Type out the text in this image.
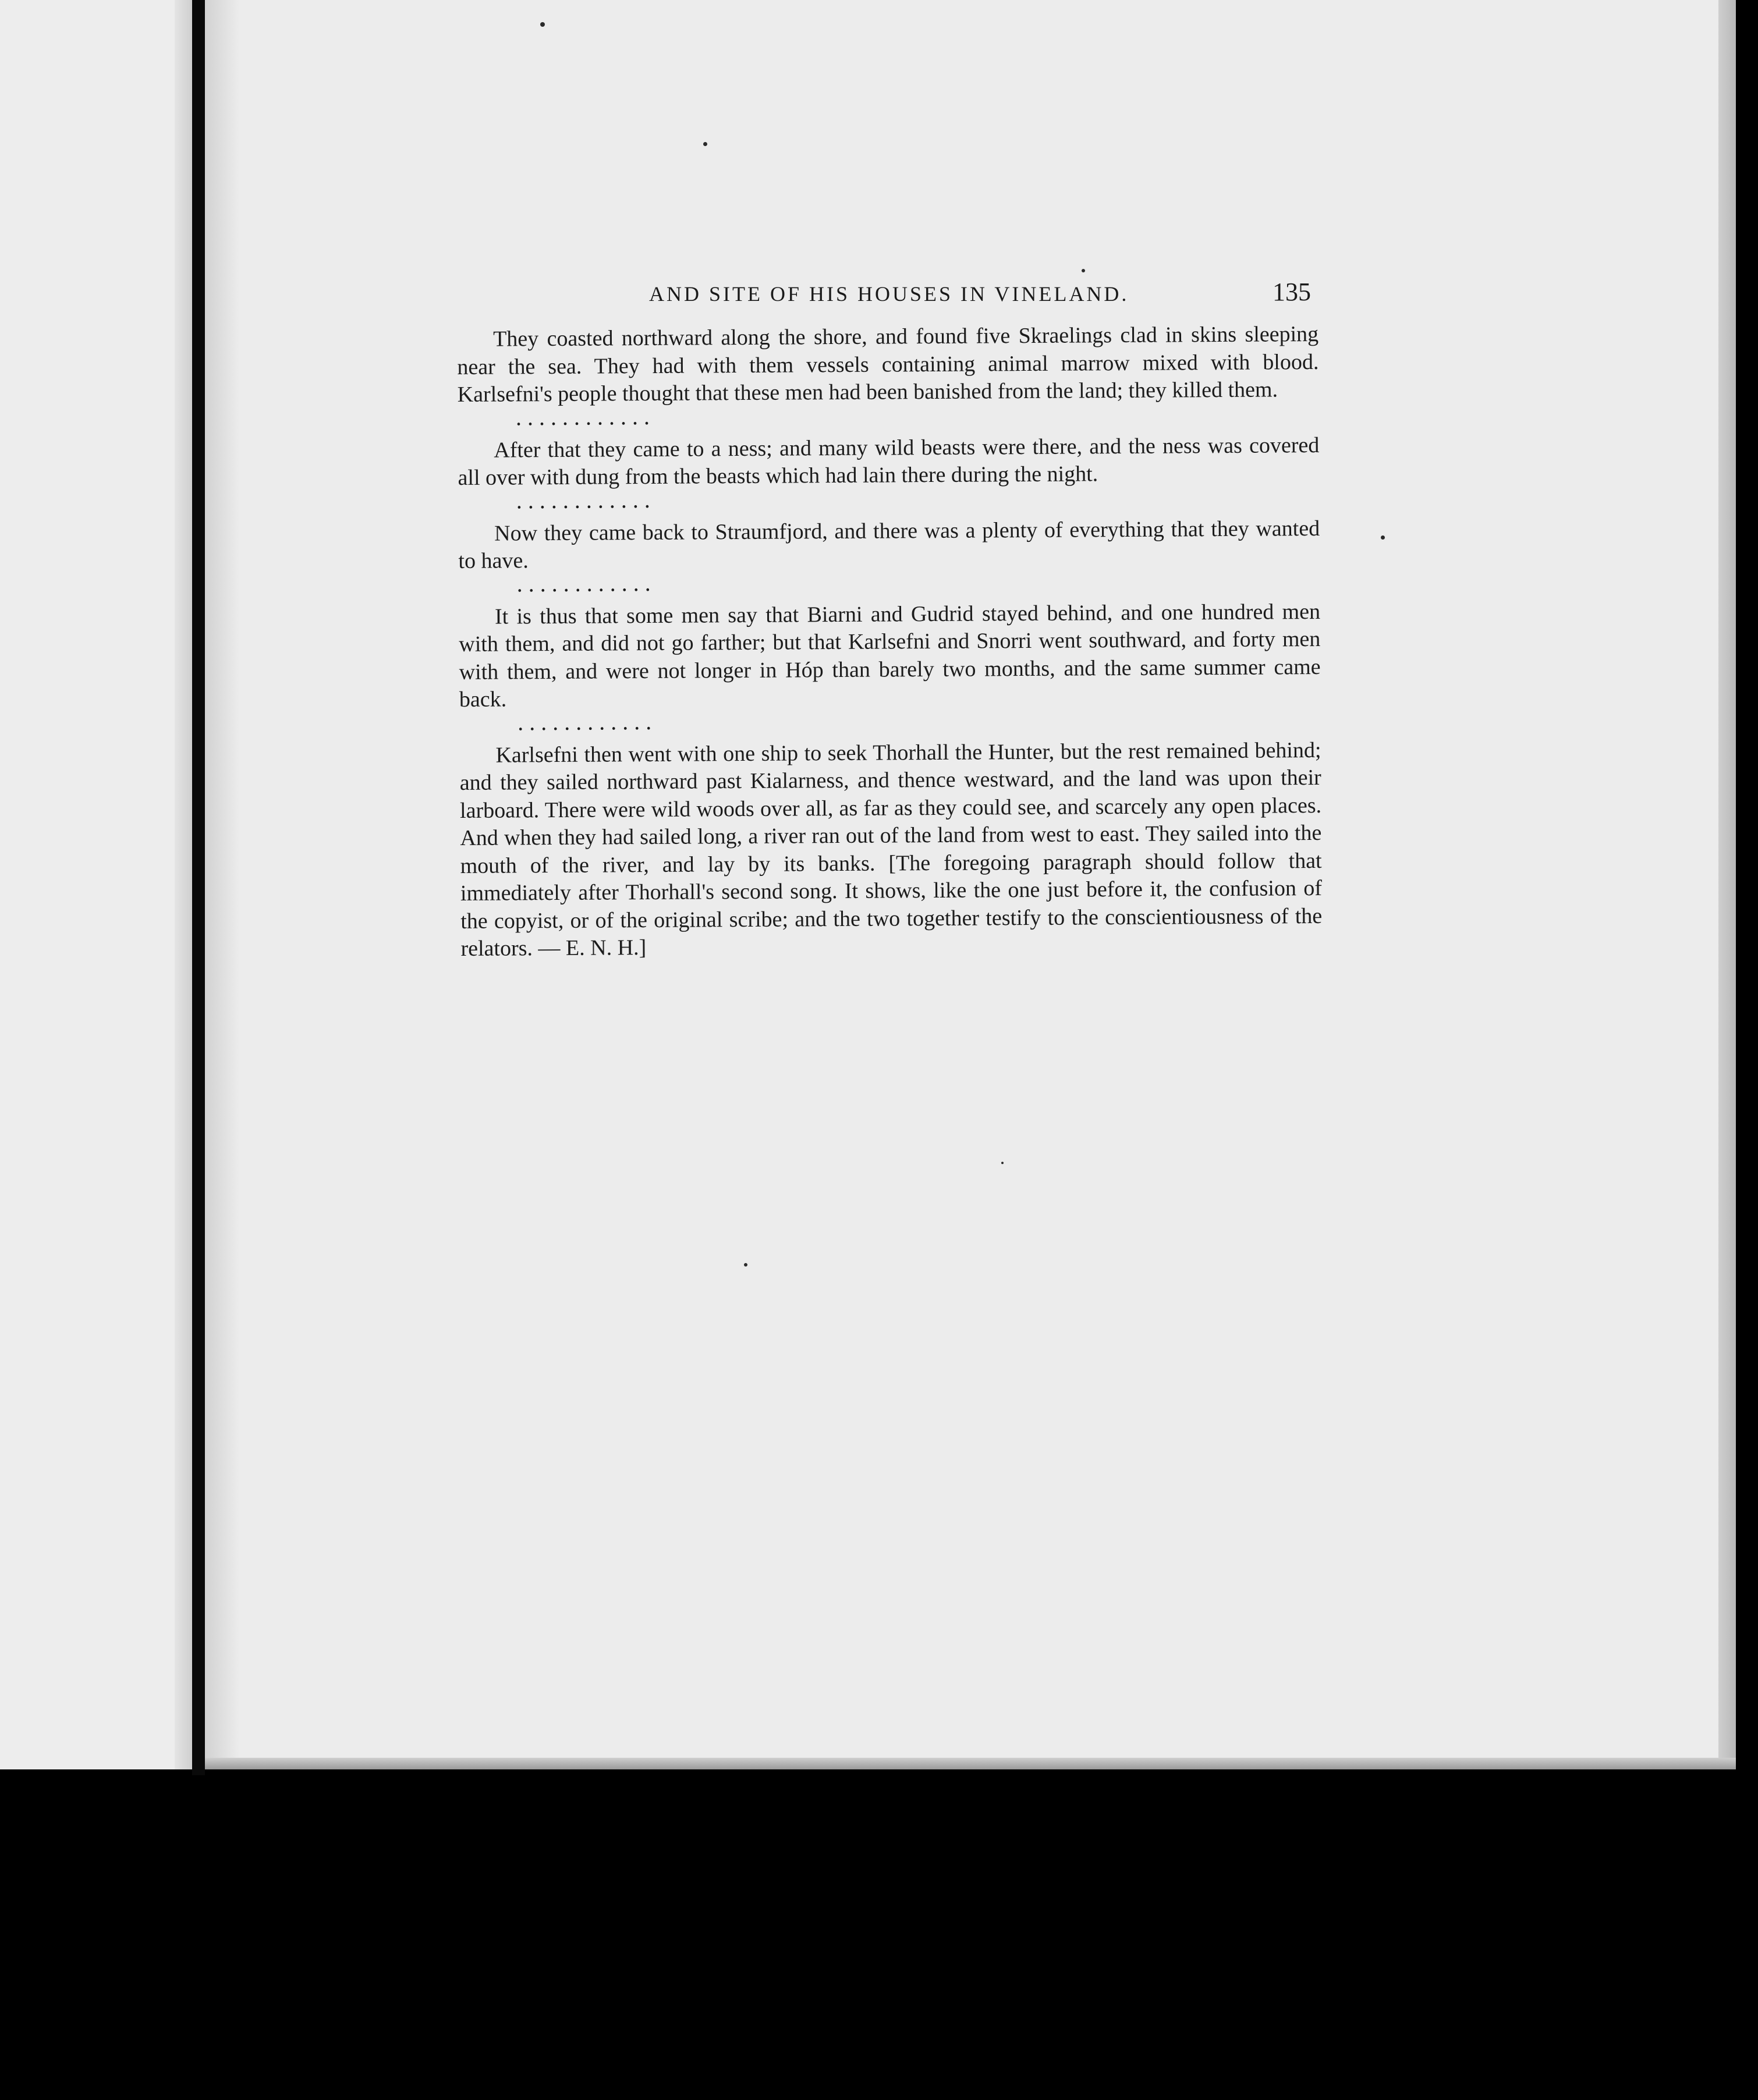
AND SITE OF HIS HOUSES IN VINELAND.	135

They coasted northward along the shore, and found five Skraelings clad in skins sleeping near the sea. They had with them vessels containing animal marrow mixed with blood. Karlsefni's people thought that these men had been banished from the land; they killed them.

. . . . . . . . . . . .

After that they came to a ness; and many wild beasts were there, and the ness was covered all over with dung from the beasts which had lain there during the night.

. . . . . . . . . . . .

Now they came back to Straumfjord, and there was a plenty of everything that they wanted to have.

. . . . . . . . . . . .

It is thus that some men say that Biarni and Gudrid stayed behind, and one hundred men with them, and did not go farther; but that Karlsefni and Snorri went southward, and forty men with them, and were not longer in Hóp than barely two months, and the same summer came back.

. . . . . . . . . . . .

Karlsefni then went with one ship to seek Thorhall the Hunter, but the rest remained behind; and they sailed northward past Kialarness, and thence westward, and the land was upon their larboard. There were wild woods over all, as far as they could see, and scarcely any open places. And when they had sailed long, a river ran out of the land from west to east. They sailed into the mouth of the river, and lay by its banks. [The foregoing paragraph should follow that immediately after Thorhall's second song. It shows, like the one just before it, the confusion of the copyist, or of the original scribe; and the two together testify to the conscientiousness of the relators. — E. N. H.]
